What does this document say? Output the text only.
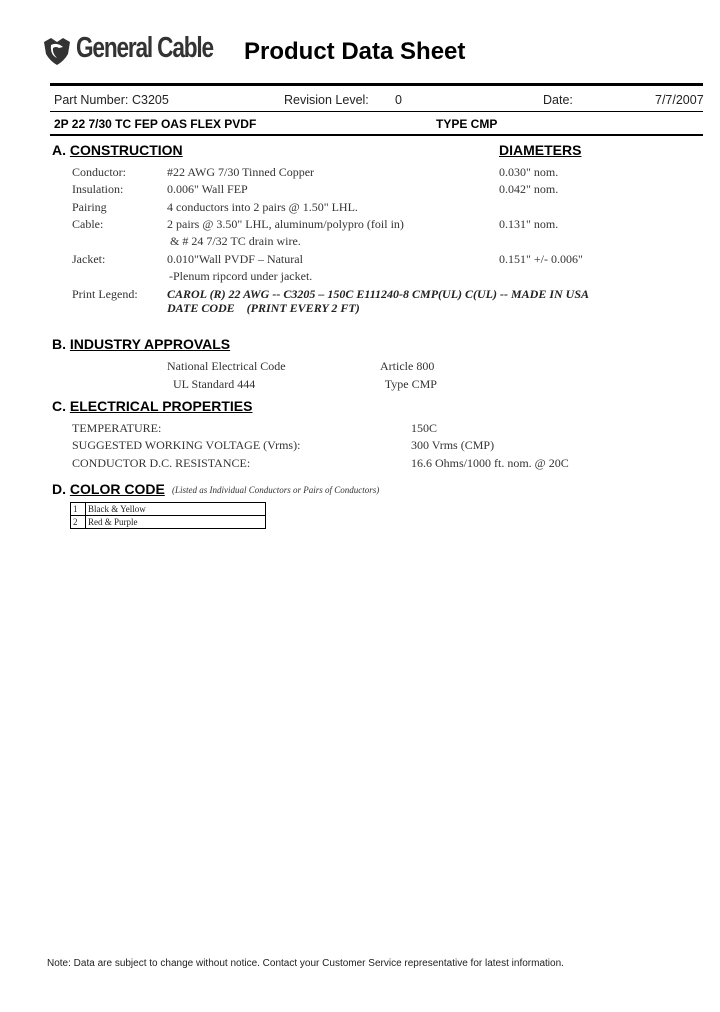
General Cable Product Data Sheet
Part Number: C3205	Revision Level: 0	Date:	7/7/2007
2P 22 7/30 TC FEP OAS FLEX PVDF	TYPE CMP
A. CONSTRUCTION	DIAMETERS
Conductor:	#22 AWG 7/30 Tinned Copper	0.030" nom.
Insulation:	0.006" Wall FEP	0.042" nom.
Pairing	4 conductors into 2 pairs @ 1.50" LHL.
Cable:	2 pairs @ 3.50" LHL, aluminum/polypro (foil in)	0.131" nom.
& # 24 7/32 TC drain wire.
Jacket:	0.010"Wall PVDF – Natural	0.151" +/- 0.006"
-Plenum ripcord under jacket.
Print Legend: CAROL (R) 22 AWG -- C3205 – 150C E111240-8 CMP(UL) C(UL) -- MADE IN USA
DATE CODE    (PRINT EVERY 2 FT)
B. INDUSTRY APPROVALS
National Electrical Code	Article 800
UL Standard 444	Type CMP
C. ELECTRICAL PROPERTIES
TEMPERATURE:	150C
SUGGESTED WORKING VOLTAGE (Vrms):	300 Vrms (CMP)
CONDUCTOR D.C. RESISTANCE:	16.6 Ohms/1000 ft. nom. @ 20C
D. COLOR CODE (Listed as Individual Conductors or Pairs of Conductors)
1	Black & Yellow
2	Red & Purple
Note: Data are subject to change without notice. Contact your Customer Service representative for latest information.
